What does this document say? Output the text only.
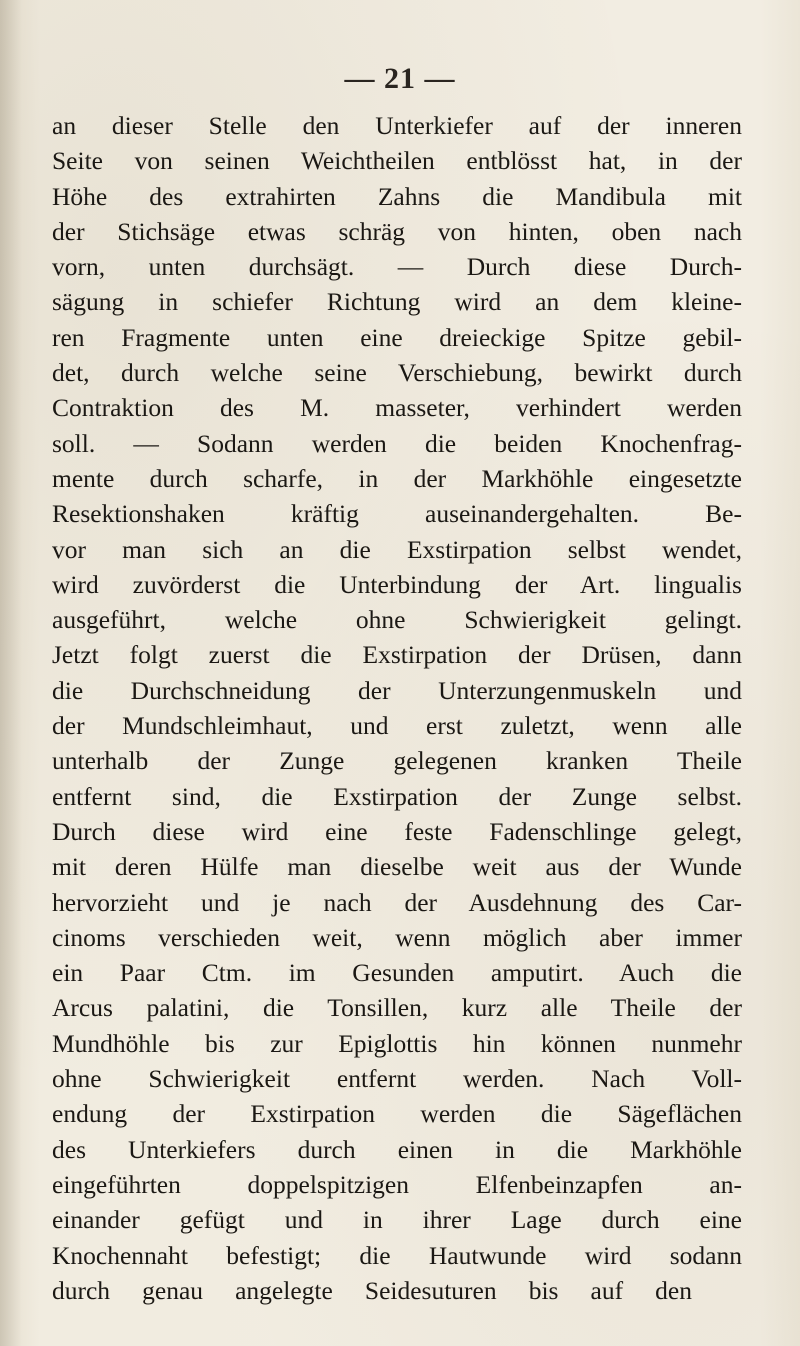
— 21 —
an dieser Stelle den Unterkiefer auf der inneren
Seite von seinen Weichtheilen entblösst hat, in der
Höhe des extrahirten Zahns die Mandibula mit
der Stichsäge etwas schräg von hinten, oben nach
vorn, unten durchsägt. — Durch diese Durch-
sägung in schiefer Richtung wird an dem kleine-
ren Fragmente unten eine dreieckige Spitze gebil-
det, durch welche seine Verschiebung, bewirkt durch
Contraktion des M. masseter, verhindert werden
soll. — Sodann werden die beiden Knochenfrag-
mente durch scharfe, in der Markhöhle eingesetzte
Resektionshaken kräftig auseinandergehalten. Be-
vor man sich an die Exstirpation selbst wendet,
wird zuvörderst die Unterbindung der Art. lingualis
ausgeführt, welche ohne Schwierigkeit gelingt.
Jetzt folgt zuerst die Exstirpation der Drüsen, dann
die Durchschneidung der Unterzungenmuskeln und
der Mundschleimhaut, und erst zuletzt, wenn alle
unterhalb der Zunge gelegenen kranken Theile
entfernt sind, die Exstirpation der Zunge selbst.
Durch diese wird eine feste Fadenschlinge gelegt,
mit deren Hülfe man dieselbe weit aus der Wunde
hervorzieht und je nach der Ausdehnung des Car-
cinoms verschieden weit, wenn möglich aber immer
ein Paar Ctm. im Gesunden amputirt. Auch die
Arcus palatini, die Tonsillen, kurz alle Theile der
Mundhöhle bis zur Epiglottis hin können nunmehr
ohne Schwierigkeit entfernt werden. Nach Voll-
endung der Exstirpation werden die Sägeflächen
des Unterkiefers durch einen in die Markhöhle
eingeführten doppelspitzigen Elfenbeinzapfen an-
einander gefügt und in ihrer Lage durch eine
Knochennaht befestigt; die Hautwunde wird sodann
durch genau angelegte Seidesuturen bis auf den
